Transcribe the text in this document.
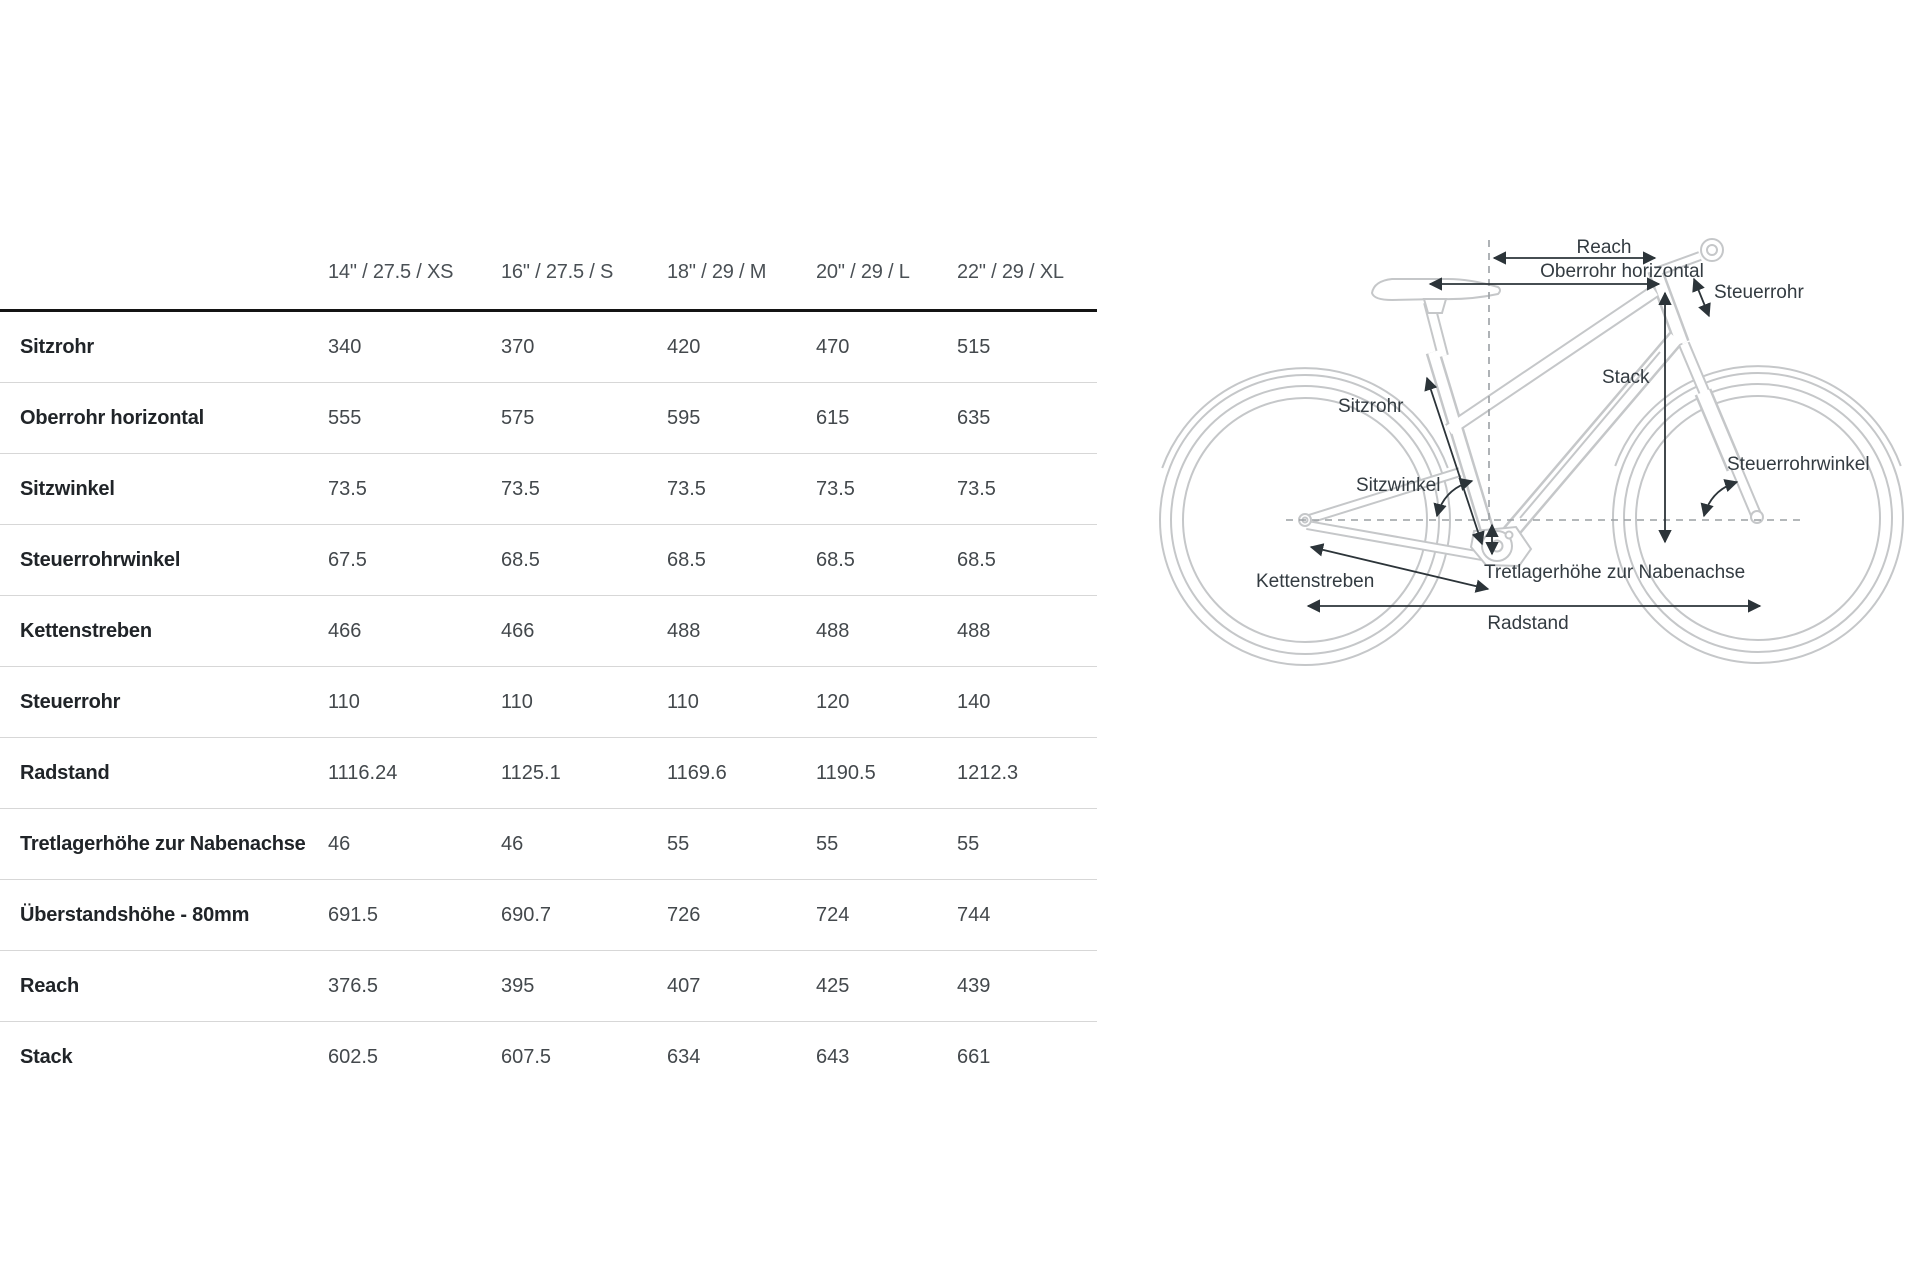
	14" / 27.5 / XS	16" / 27.5 / S	18" / 29 / M	20" / 29 / L	22" / 29 / XL
Sitzrohr	340	370	420	470	515
Oberrohr horizontal	555	575	595	615	635
Sitzwinkel	73.5	73.5	73.5	73.5	73.5
Steuerrohrwinkel	67.5	68.5	68.5	68.5	68.5
Kettenstreben	466	466	488	488	488
Steuerrohr	110	110	110	120	140
Radstand	1116.24	1125.1	1169.6	1190.5	1212.3
Tretlagerhöhe zur Nabenachse	46	46	55	55	55
Überstandshöhe - 80mm	691.5	690.7	726	724	744
Reach	376.5	395	407	425	439
Stack	602.5	607.5	634	643	661
Reach
Oberrohr horizontal
Steuerrohr
Stack
Sitzrohr
Sitzwinkel
Steuerrohrwinkel
Tretlagerhöhe zur Nabenachse
Kettenstreben
Radstand
